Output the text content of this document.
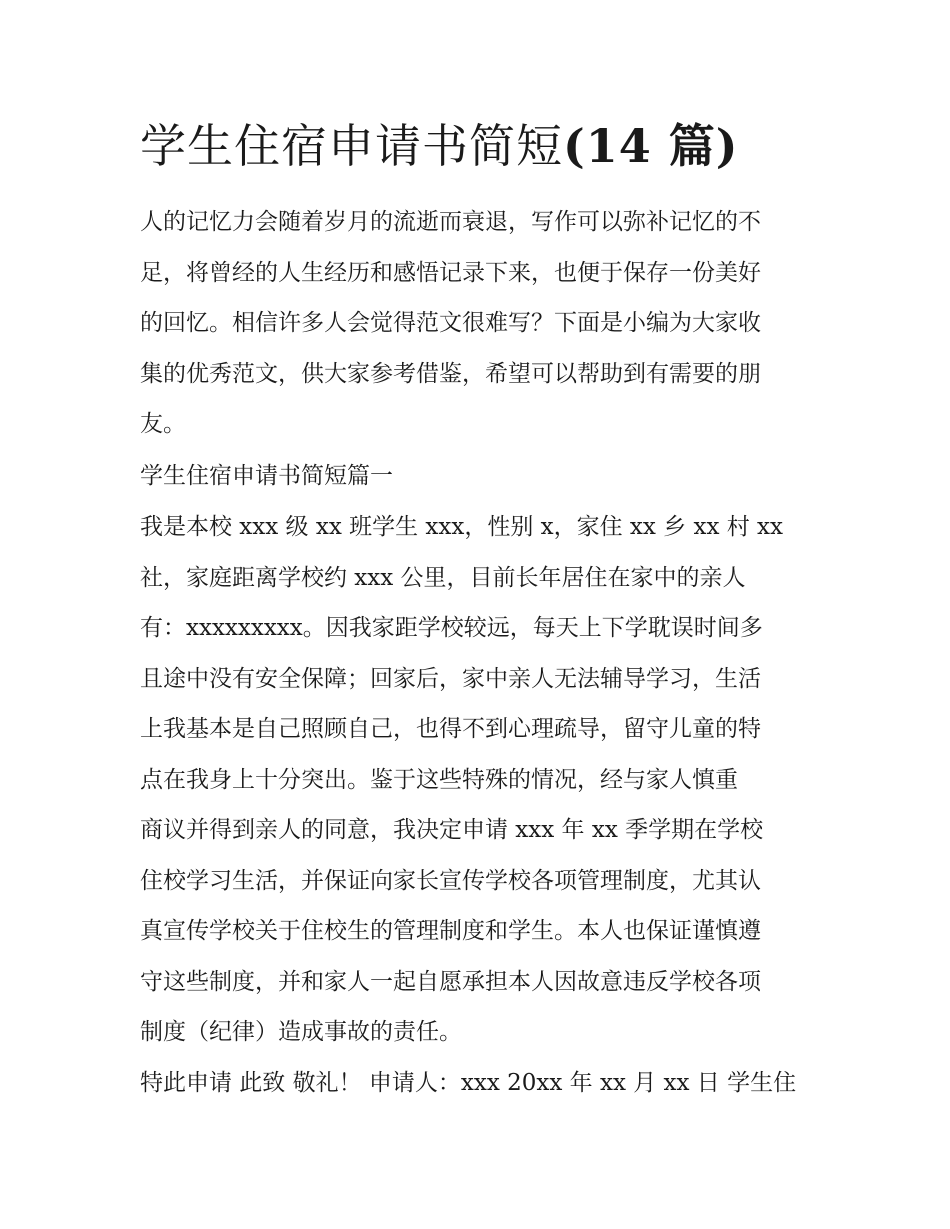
学生住宿申请书简短(14 篇)
人的记忆力会随着岁月的流逝而衰退，写作可以弥补记忆的不
足，将曾经的人生经历和感悟记录下来，也便于保存一份美好
的回忆。相信许多人会觉得范文很难写？下面是小编为大家收
集的优秀范文，供大家参考借鉴，希望可以帮助到有需要的朋
友。
学生住宿申请书简短篇一
我是本校 xxx 级 xx 班学生 xxx，性别 x，家住 xx 乡 xx 村 xx
社，家庭距离学校约 xxx 公里，目前长年居住在家中的亲人
有：xxxxxxxxx。因我家距学校较远，每天上下学耽误时间多
且途中没有安全保障；回家后，家中亲人无法辅导学习，生活
上我基本是自己照顾自己，也得不到心理疏导，留守儿童的特
点在我身上十分突出。鉴于这些特殊的情况，经与家人慎重
商议并得到亲人的同意，我决定申请 xxx 年 xx 季学期在学校
住校学习生活，并保证向家长宣传学校各项管理制度，尤其认
真宣传学校关于住校生的管理制度和学生。本人也保证谨慎遵
守这些制度，并和家人一起自愿承担本人因故意违反学校各项
制度（纪律）造成事故的责任。
特此申请 此致 敬礼！ 申请人：xxx 20xx 年 xx 月 xx 日 学生住
